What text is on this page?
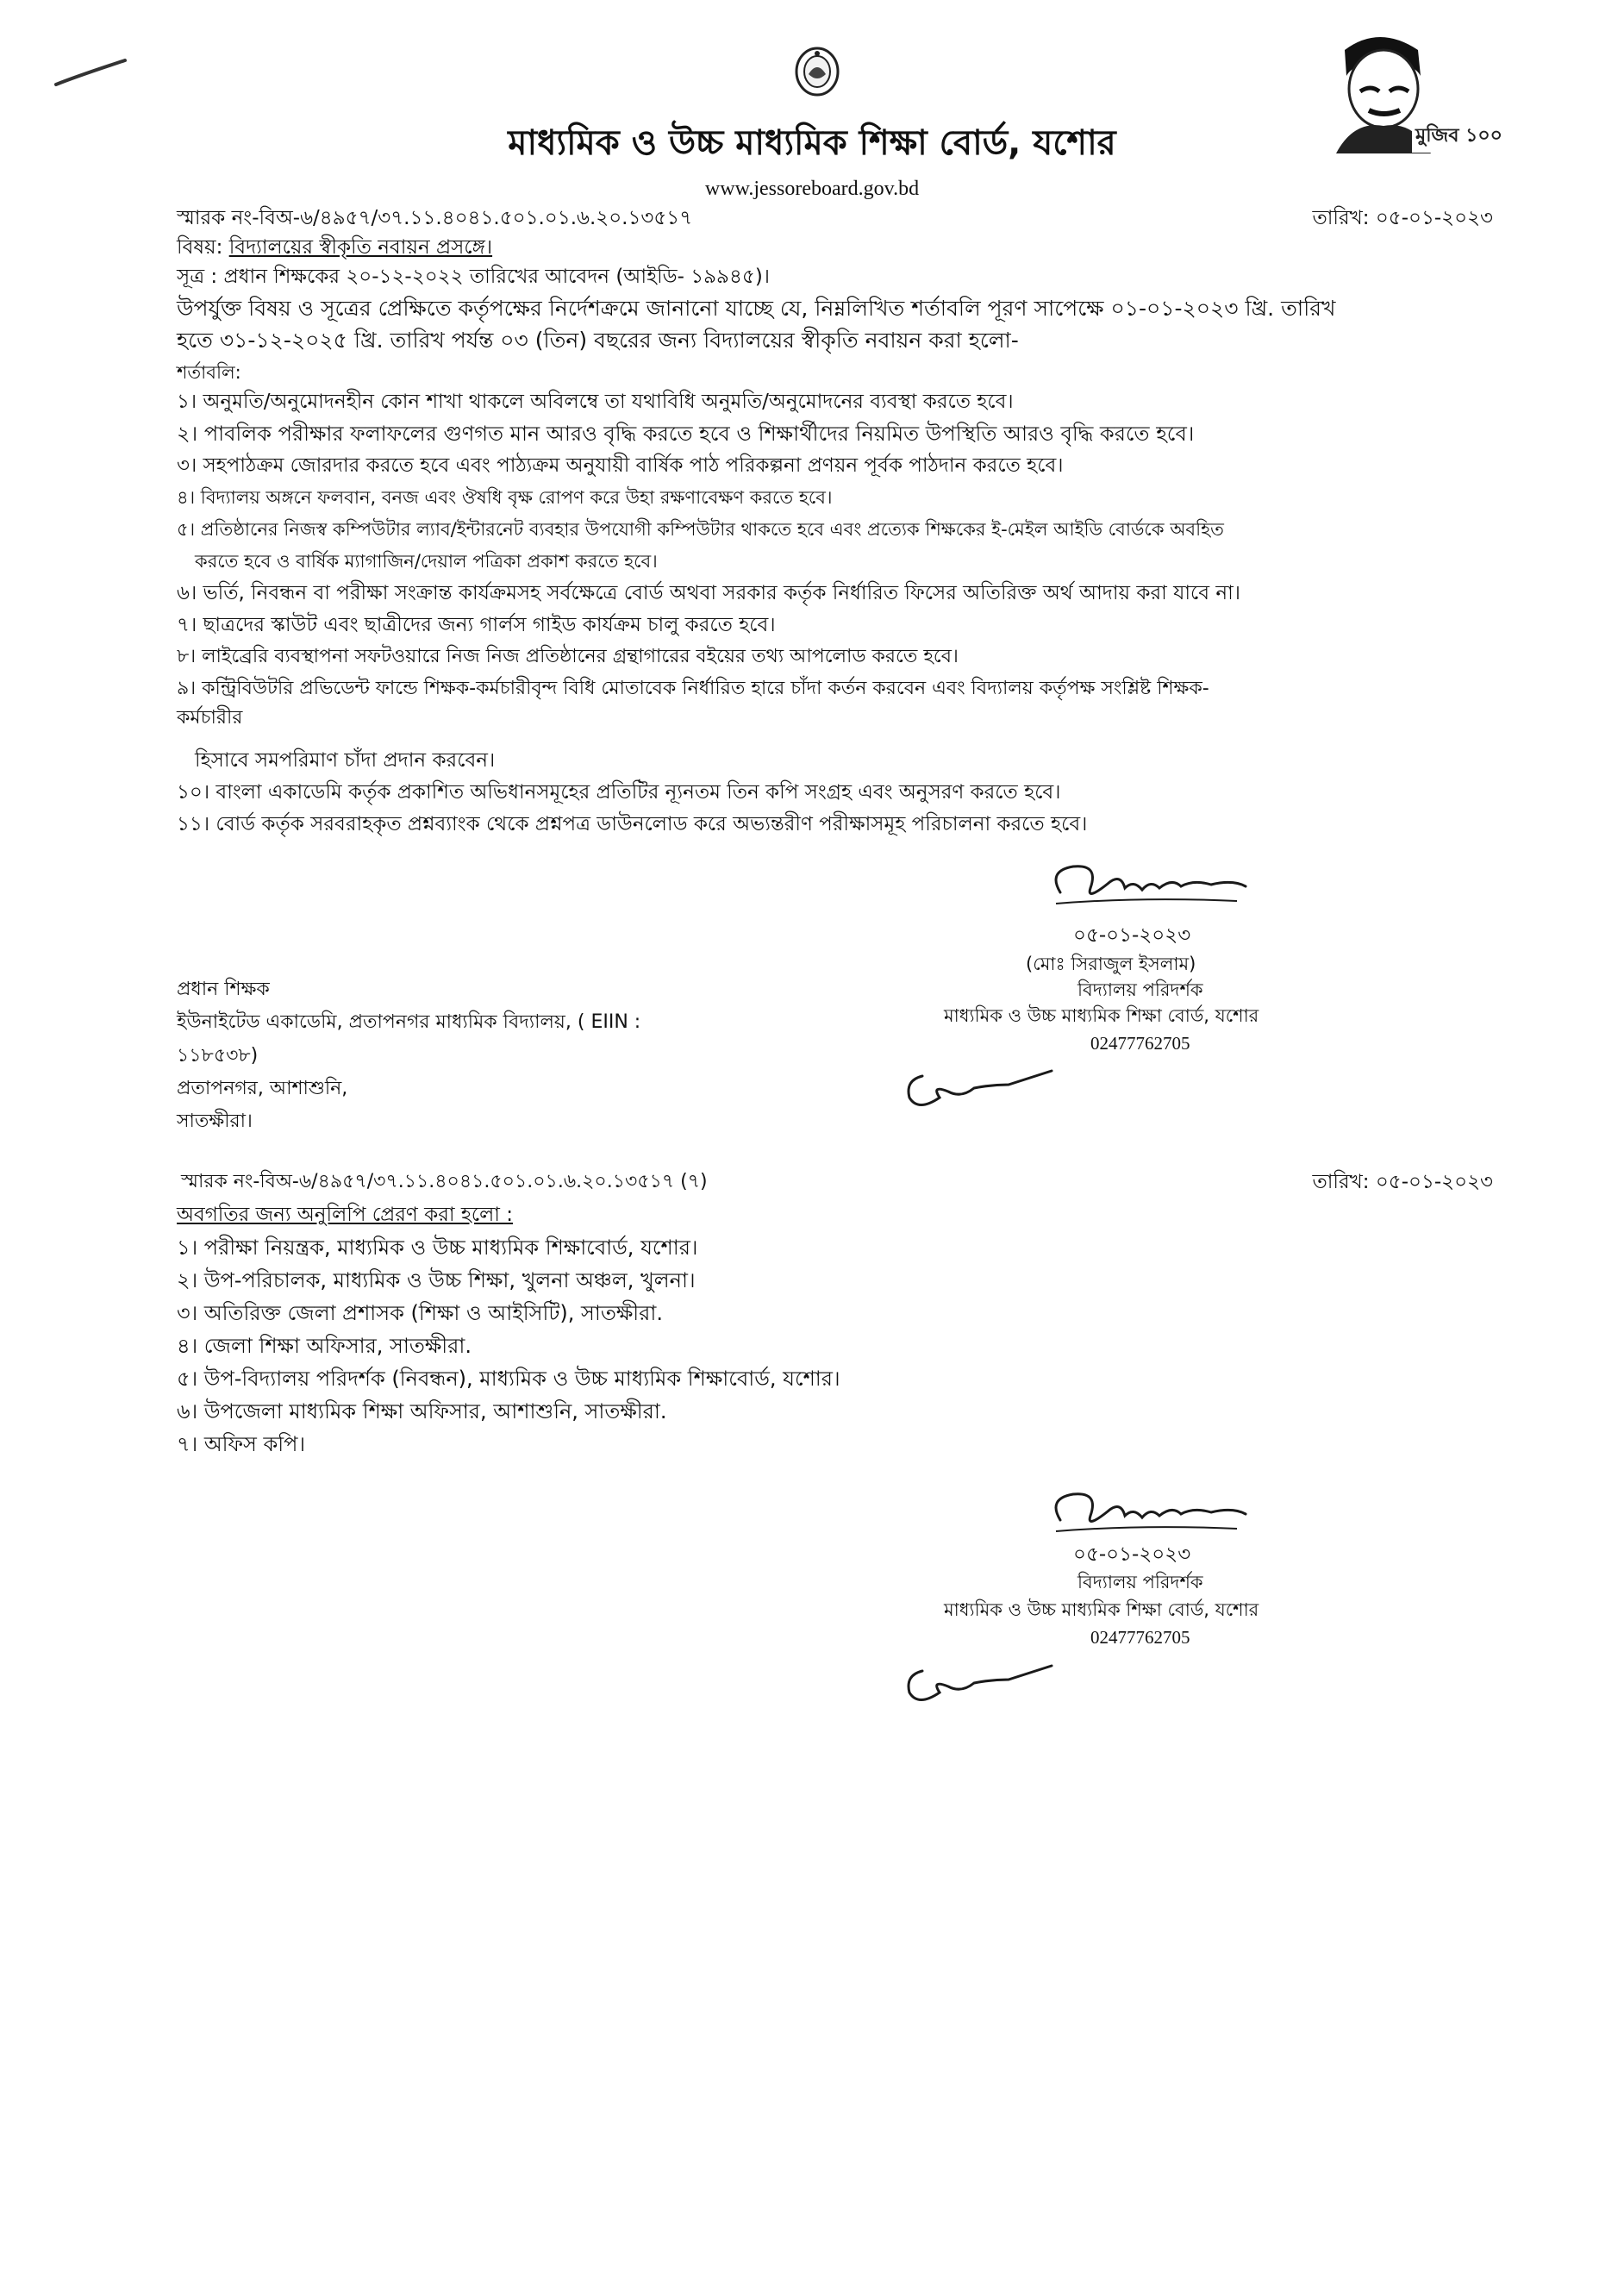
মুজিব ১০০
মাধ্যমিক ও উচ্চ মাধ্যমিক শিক্ষা বোর্ড, যশোর
www.jessoreboard.gov.bd
স্মারক নং-বিঅ-৬/৪৯৫৭/৩৭.১১.৪০৪১.৫০১.০১.৬.২০.১৩৫১৭	তারিখ: ০৫-০১-২০২৩
বিষয়: বিদ্যালয়ের স্বীকৃতি নবায়ন প্রসঙ্গে।
সূত্র : প্রধান শিক্ষকের ২০-১২-২০২২ তারিখের আবেদন (আইডি- ১৯৯৪৫)।
উপর্যুক্ত বিষয় ও সূত্রের প্রেক্ষিতে কর্তৃপক্ষের নির্দেশক্রমে জানানো যাচ্ছে যে, নিম্নলিখিত শর্তাবলি পূরণ সাপেক্ষে ০১-০১-২০২৩ খ্রি. তারিখ
হতে ৩১-১২-২০২৫ খ্রি. তারিখ পর্যন্ত ০৩ (তিন) বছরের জন্য বিদ্যালয়ের স্বীকৃতি নবায়ন করা হলো-
শর্তাবলি:
১। অনুমতি/অনুমোদনহীন কোন শাখা থাকলে অবিলম্বে তা যথাবিধি অনুমতি/অনুমোদনের ব্যবস্থা করতে হবে।
২। পাবলিক পরীক্ষার ফলাফলের গুণগত মান আরও বৃদ্ধি করতে হবে ও শিক্ষার্থীদের নিয়মিত উপস্থিতি আরও বৃদ্ধি করতে হবে।
৩। সহপাঠক্রম জোরদার করতে হবে এবং পাঠ্যক্রম অনুযায়ী বার্ষিক পাঠ পরিকল্পনা প্রণয়ন পূর্বক পাঠদান করতে হবে।
৪। বিদ্যালয় অঙ্গনে ফলবান, বনজ এবং ঔষধি বৃক্ষ রোপণ করে উহা রক্ষণাবেক্ষণ করতে হবে।
৫। প্রতিষ্ঠানের নিজস্ব কম্পিউটার ল্যাব/ইন্টারনেট ব্যবহার উপযোগী কম্পিউটার থাকতে হবে এবং প্রত্যেক শিক্ষকের ই-মেইল আইডি বোর্ডকে অবহিত
করতে হবে ও বার্ষিক ম্যাগাজিন/দেয়াল পত্রিকা প্রকাশ করতে হবে।
৬। ভর্তি, নিবন্ধন বা পরীক্ষা সংক্রান্ত কার্যক্রমসহ সর্বক্ষেত্রে বোর্ড অথবা সরকার কর্তৃক নির্ধারিত ফিসের অতিরিক্ত অর্থ আদায় করা যাবে না।
৭। ছাত্রদের স্কাউট এবং ছাত্রীদের জন্য গার্লস গাইড কার্যক্রম চালু করতে হবে।
৮। লাইব্রেরি ব্যবস্থাপনা সফটওয়ারে নিজ নিজ প্রতিষ্ঠানের গ্রন্থাগারের বইয়ের তথ্য আপলোড করতে হবে।
৯। কন্ট্রিবিউটরি প্রভিডেন্ট ফান্ডে শিক্ষক-কর্মচারীবৃন্দ বিধি মোতাবেক নির্ধারিত হারে চাঁদা কর্তন করবেন এবং বিদ্যালয় কর্তৃপক্ষ সংশ্লিষ্ট শিক্ষক-
কর্মচারীর
হিসাবে সমপরিমাণ চাঁদা প্রদান করবেন।
১০। বাংলা একাডেমি কর্তৃক প্রকাশিত অভিধানসমূহের প্রতিটির ন্যূনতম তিন কপি সংগ্রহ এবং অনুসরণ করতে হবে।
১১। বোর্ড কর্তৃক সরবরাহকৃত প্রশ্নব্যাংক থেকে প্রশ্নপত্র ডাউনলোড করে অভ্যন্তরীণ পরীক্ষাসমূহ পরিচালনা করতে হবে।
০৫-০১-২০২৩
(মোঃ সিরাজুল ইসলাম)
বিদ্যালয় পরিদর্শক
মাধ্যমিক ও উচ্চ মাধ্যমিক শিক্ষা বোর্ড, যশোর
02477762705
প্রধান শিক্ষক
ইউনাইটেড একাডেমি, প্রতাপনগর মাধ্যমিক বিদ্যালয়, ( EIIN :
১১৮৫৩৮)
প্রতাপনগর, আশাশুনি,
সাতক্ষীরা।
স্মারক নং-বিঅ-৬/৪৯৫৭/৩৭.১১.৪০৪১.৫০১.০১.৬.২০.১৩৫১৭ (৭)	তারিখ: ০৫-০১-২০২৩
অবগতির জন্য অনুলিপি প্রেরণ করা হলো :
১। পরীক্ষা নিয়ন্ত্রক, মাধ্যমিক ও উচ্চ মাধ্যমিক শিক্ষাবোর্ড, যশোর।
২। উপ-পরিচালক, মাধ্যমিক ও উচ্চ শিক্ষা, খুলনা অঞ্চল, খুলনা।
৩। অতিরিক্ত জেলা প্রশাসক (শিক্ষা ও আইসিটি), সাতক্ষীরা.
৪। জেলা শিক্ষা অফিসার, সাতক্ষীরা.
৫। উপ-বিদ্যালয় পরিদর্শক (নিবন্ধন), মাধ্যমিক ও উচ্চ মাধ্যমিক শিক্ষাবোর্ড, যশোর।
৬। উপজেলা মাধ্যমিক শিক্ষা অফিসার, আশাশুনি, সাতক্ষীরা.
৭। অফিস কপি।
০৫-০১-২০২৩
বিদ্যালয় পরিদর্শক
মাধ্যমিক ও উচ্চ মাধ্যমিক শিক্ষা বোর্ড, যশোর
02477762705
